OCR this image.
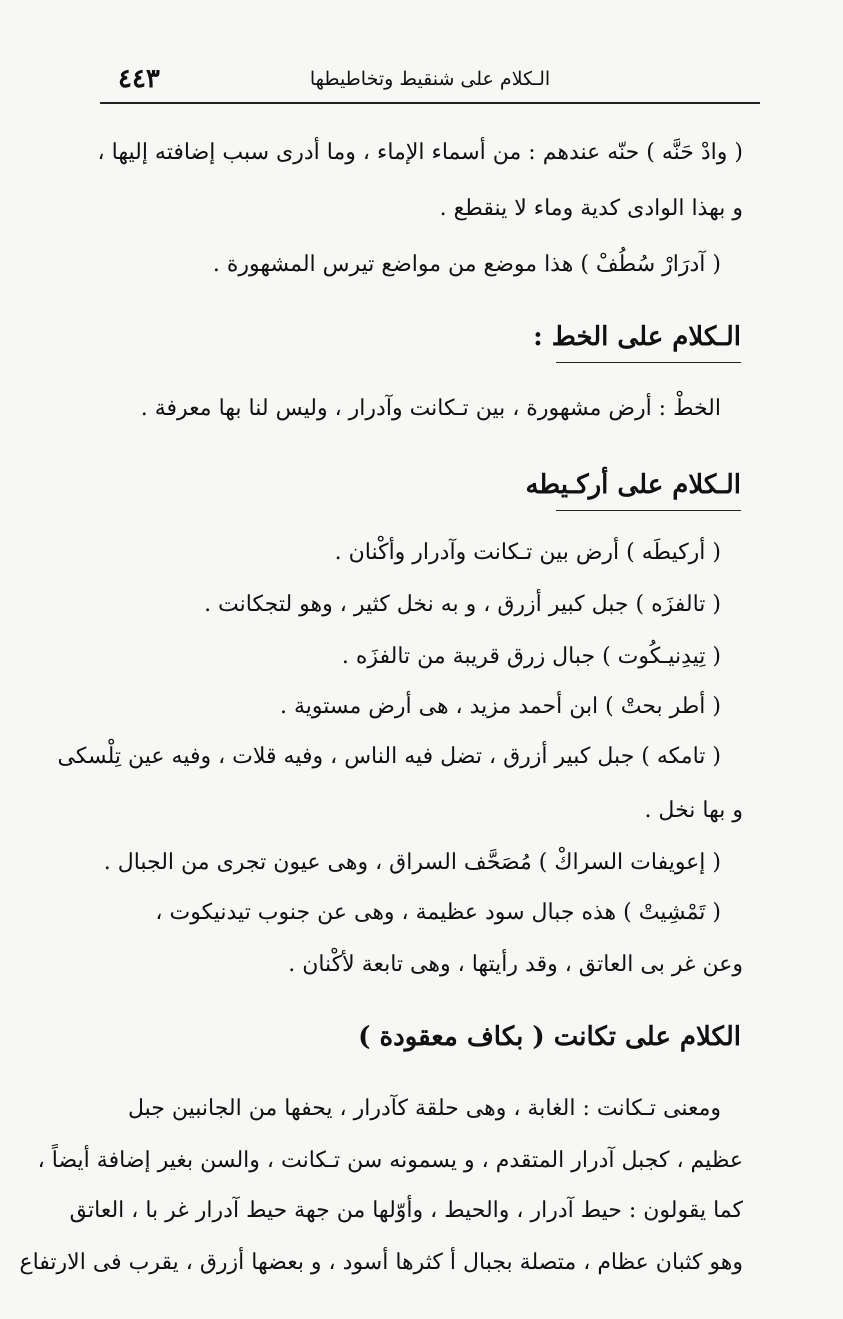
الـكلام على شنقيط وتخاطيطها
٤٤٣
( وادْ حَنَّه ) حنّه عندهم : من أسماء الإماء ، وما أدرى سبب إضافته إليها ،
و بهذا الوادى كدية وماء لا ينقطع .
( آدرَارْ سُطُفْ ) هذا موضع من مواضع تيرس المشهورة .
الـكلام على الخط :
الخطْ : أرض مشهورة ، بين تـكانت وآدرار ، وليس لنا بها معرفة .
الـكلام على أركـيطه
( أركيطَه ) أرض بين تـكانت وآدرار وأكْنان .
( تالفزَه ) جبل كبير أزرق ، و به نخل كثير ، وهو لتجكانت .
( تِيدِنيـكُوت ) جبال زرق قريبة من تالفزَه .
( أطر بحتْ ) ابن أحمد مزيد ، هى أرض مستوية .
( تامكه ) جبل كبير أزرق ، تضل فيه الناس ، وفيه قلات ، وفيه عين تِلْسكى
و بها نخل .
( إعويفات السراكْ ) مُصَحَّف السراق ، وهى عيون تجرى من الجبال .
( تَمْشِيتْ ) هذه جبال سود عظيمة ، وهى عن جنوب تيدنيكوت ،
وعن غر بى العاتق ، وقد رأيتها ، وهى تابعة لأكْنان .
الكلام على تكانت ( بكاف معقودة )
ومعنى تـكانت : الغابة ، وهى حلقة كآدرار ، يحفها من الجانبين جبل
عظيم ، كجبل آدرار المتقدم ، و يسمونه سن تـكانت ، والسن بغير إضافة أيضاً ،
كما يقولون : حيط آدرار ، والحيط ، وأوّلها من جهة حيط آدرار غر با ، العاتق
وهو كثبان عظام ، متصلة بجبال أ كثرها أسود ، و بعضها أزرق ، يقرب فى الارتفاع
